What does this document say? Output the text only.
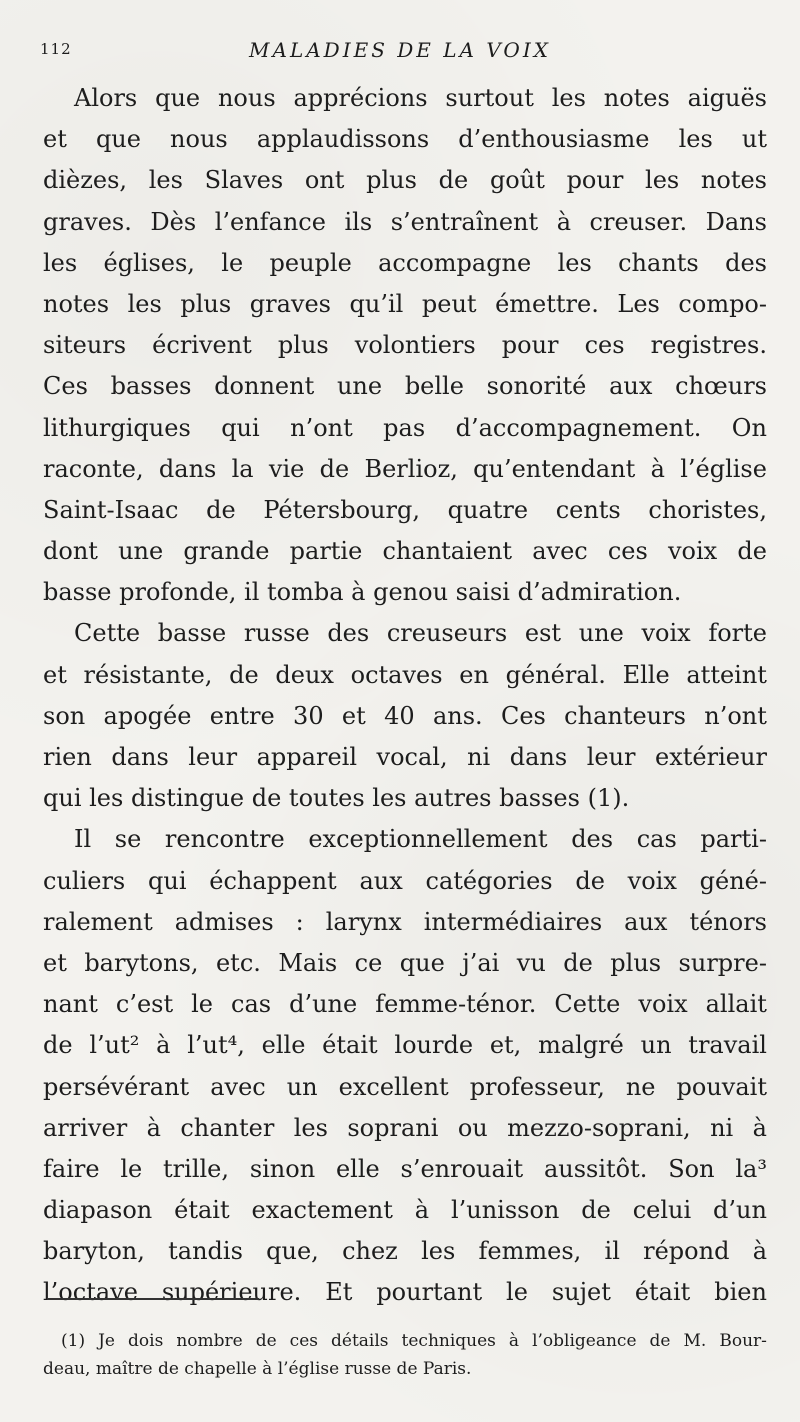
112	MALADIES DE LA VOIX
Alors que nous apprécions surtout les notes aiguës
et que nous applaudissons d’enthousiasme les ut
dièzes, les Slaves ont plus de goût pour les notes
graves. Dès l’enfance ils s’entraînent à creuser. Dans
les églises, le peuple accompagne les chants des
notes les plus graves qu’il peut émettre. Les compo-
siteurs écrivent plus volontiers pour ces registres.
Ces basses donnent une belle sonorité aux chœurs
lithurgiques qui n’ont pas d’accompagnement. On
raconte, dans la vie de Berlioz, qu’entendant à l’église
Saint-Isaac de Pétersbourg, quatre cents choristes,
dont une grande partie chantaient avec ces voix de
basse profonde, il tomba à genou saisi d’admiration.
Cette basse russe des creuseurs est une voix forte
et résistante, de deux octaves en général. Elle atteint
son apogée entre 30 et 40 ans. Ces chanteurs n’ont
rien dans leur appareil vocal, ni dans leur extérieur
qui les distingue de toutes les autres basses (1).
Il se rencontre exceptionnellement des cas parti-
culiers qui échappent aux catégories de voix géné-
ralement admises : larynx intermédiaires aux ténors
et barytons, etc. Mais ce que j’ai vu de plus surpre-
nant c’est le cas d’une femme-ténor. Cette voix allait
de l’ut² à l’ut⁴, elle était lourde et, malgré un travail
persévérant avec un excellent professeur, ne pouvait
arriver à chanter les soprani ou mezzo-soprani, ni à
faire le trille, sinon elle s’enrouait aussitôt. Son la³
diapason était exactement à l’unisson de celui d’un
baryton, tandis que, chez les femmes, il répond à
l’octave supérieure. Et pourtant le sujet était bien
(1) Je dois nombre de ces détails techniques à l’obligeance de M. Bour-
deau, maître de chapelle à l’église russe de Paris.
